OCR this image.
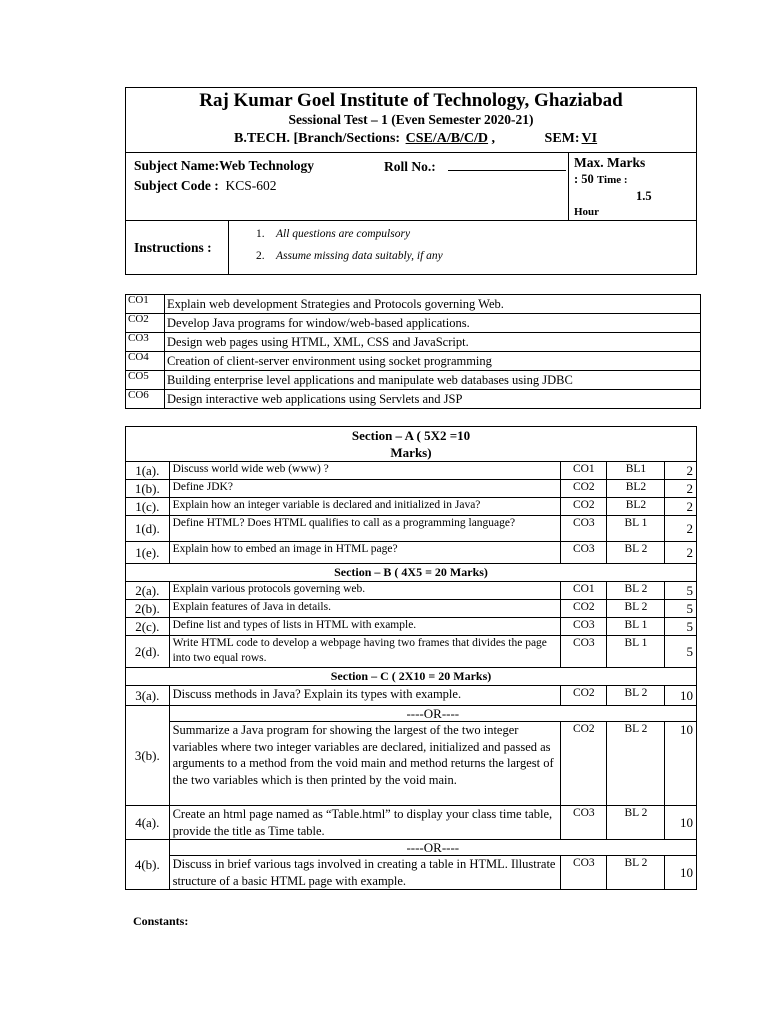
Raj Kumar Goel Institute of Technology, Ghaziabad
Sessional Test – 1 (Even Semester 2020-21)
B.TECH. [Branch/Sections: CSE/A/B/C/D ,	SEM: VI
Subject Name:Web Technology	Roll No.:
Subject Code : KCS-602
Max. Marks
: 50 Time :
1.5
Hour
Instructions :
1. All questions are compulsory
2. Assume missing data suitably, if any
CO1	Explain web development Strategies and Protocols governing Web.
CO2	Develop Java programs for window/web-based applications.
CO3	Design web pages using HTML, XML, CSS and JavaScript.
CO4	Creation of client-server environment using socket programming
CO5	Building enterprise level applications and manipulate web databases using JDBC
CO6	Design interactive web applications using Servlets and JSP
Section – A ( 5X2 =10
Marks)				

1(a).	Discuss world wide web (www) ?	CO1	BL1	2
1(b).	Define JDK?	CO2	BL2	2
1(c).	Explain how an integer variable is declared and initialized in Java?	CO2	BL2	2
1(d).	Define HTML? Does HTML qualifies to call as a programming language?	CO3	BL 1	2
1(e).	Explain how to embed an image in HTML page?	CO3	BL 2	2
Section – B ( 4X5 = 20 Marks)				
2(a).	Explain various protocols governing web.	CO1	BL 2	5
2(b).	Explain features of Java in details.	CO2	BL 2	5
2(c).	Define list and types of lists in HTML with example.	CO3	BL 1	5
2(d).	Write HTML code to develop a webpage having two frames that divides the page into two equal rows.	CO3	BL 1	5
Section – C ( 2X10 = 20 Marks)				
3(a).	Discuss methods in Java? Explain its types with example.	CO2	BL 2	10
3(b).	----OR----			
	Summarize a Java program for showing the largest of the two integer variables where two integer variables are declared, initialized and passed as arguments to a method from the void main and method returns the largest of the two variables which is then printed by the void main.	CO2	BL 2	10
4(a).	Create an html page named as “Table.html” to display your class time table, provide the title as Time table.	CO3	BL 2	10
4(b).	----OR----			
	Discuss in brief various tags involved in creating a table in HTML. Illustrate structure of a basic HTML page with example.	CO3	BL 2	10
Constants:
